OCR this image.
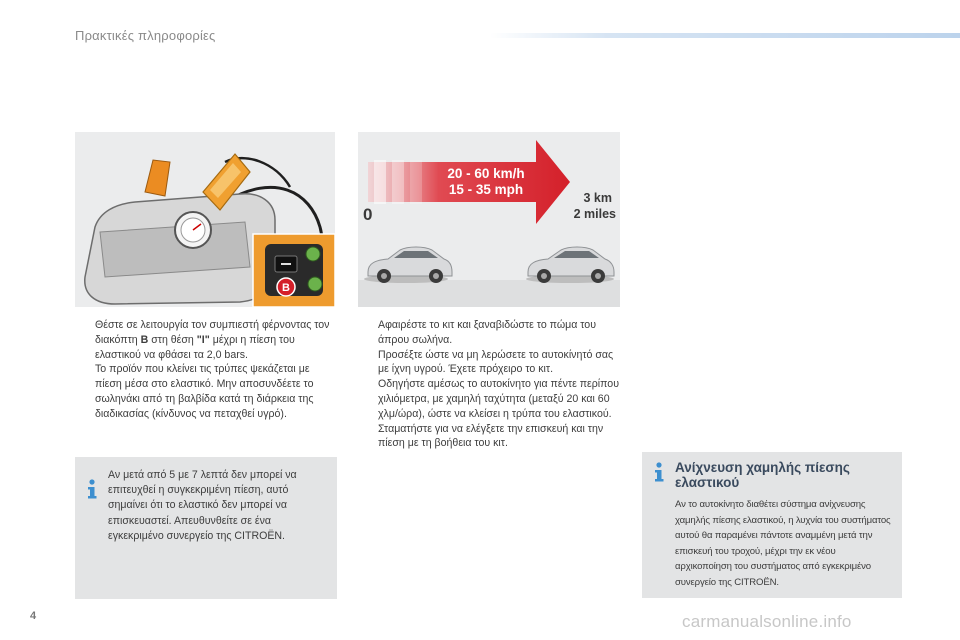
Πρακτικές πληροφορίες
B
20 - 60 km/h
15 - 35 mph
0
3 km
2 miles

Θέστε σε λειτουργία τον συμπιεστή φέρνοντας τον διακόπτη B στη θέση "I" μέχρι η πίεση του ελαστικού να φθάσει τα 2,0 bars.

Το προϊόν που κλείνει τις τρύπες ψεκάζεται με πίεση μέσα στο ελαστικό. Μην αποσυνδέετε το σωληνάκι από τη βαλβίδα κατά τη διάρκεια της διαδικασίας (κίνδυνος να πεταχθεί υγρό).

Αν μετά από 5 με 7 λεπτά δεν μπορεί να επιτευχθεί η συγκεκριμένη πίεση, αυτό σημαίνει ότι το ελαστικό δεν μπορεί να επισκευαστεί. Απευθυνθείτε σε ένα εγκεκριμένο συνεργείο της CITROËN.

Αφαιρέστε το κιτ και ξαναβιδώστε το πώμα του άπρου σωλήνα.

Προσέξτε ώστε να μη λερώσετε το αυτοκίνητό σας με ίχνη υγρού. Έχετε πρόχειρο το κιτ.

Οδηγήστε αμέσως το αυτοκίνητο για πέντε περίπου χιλιόμετρα, με χαμηλή ταχύτητα (μεταξύ 20 και 60 χλμ/ώρα), ώστε να κλείσει η τρύπα του ελαστικού.

Σταματήστε για να ελέγξετε την επισκευή και την πίεση με τη βοήθεια του κιτ.

Ανίχνευση χαμηλής πίεσης ελαστικού
Αν το αυτοκίνητο διαθέτει σύστημα ανίχνευσης χαμηλής πίεσης ελαστικού, η λυχνία του συστήματος αυτού θα παραμένει πάντοτε αναμμένη μετά την επισκευή του τροχού, μέχρι την εκ νέου αρχικοποίηση του συστήματος από εγκεκριμένο συνεργείο της CITROËN.
4	carmanualsonline.info
